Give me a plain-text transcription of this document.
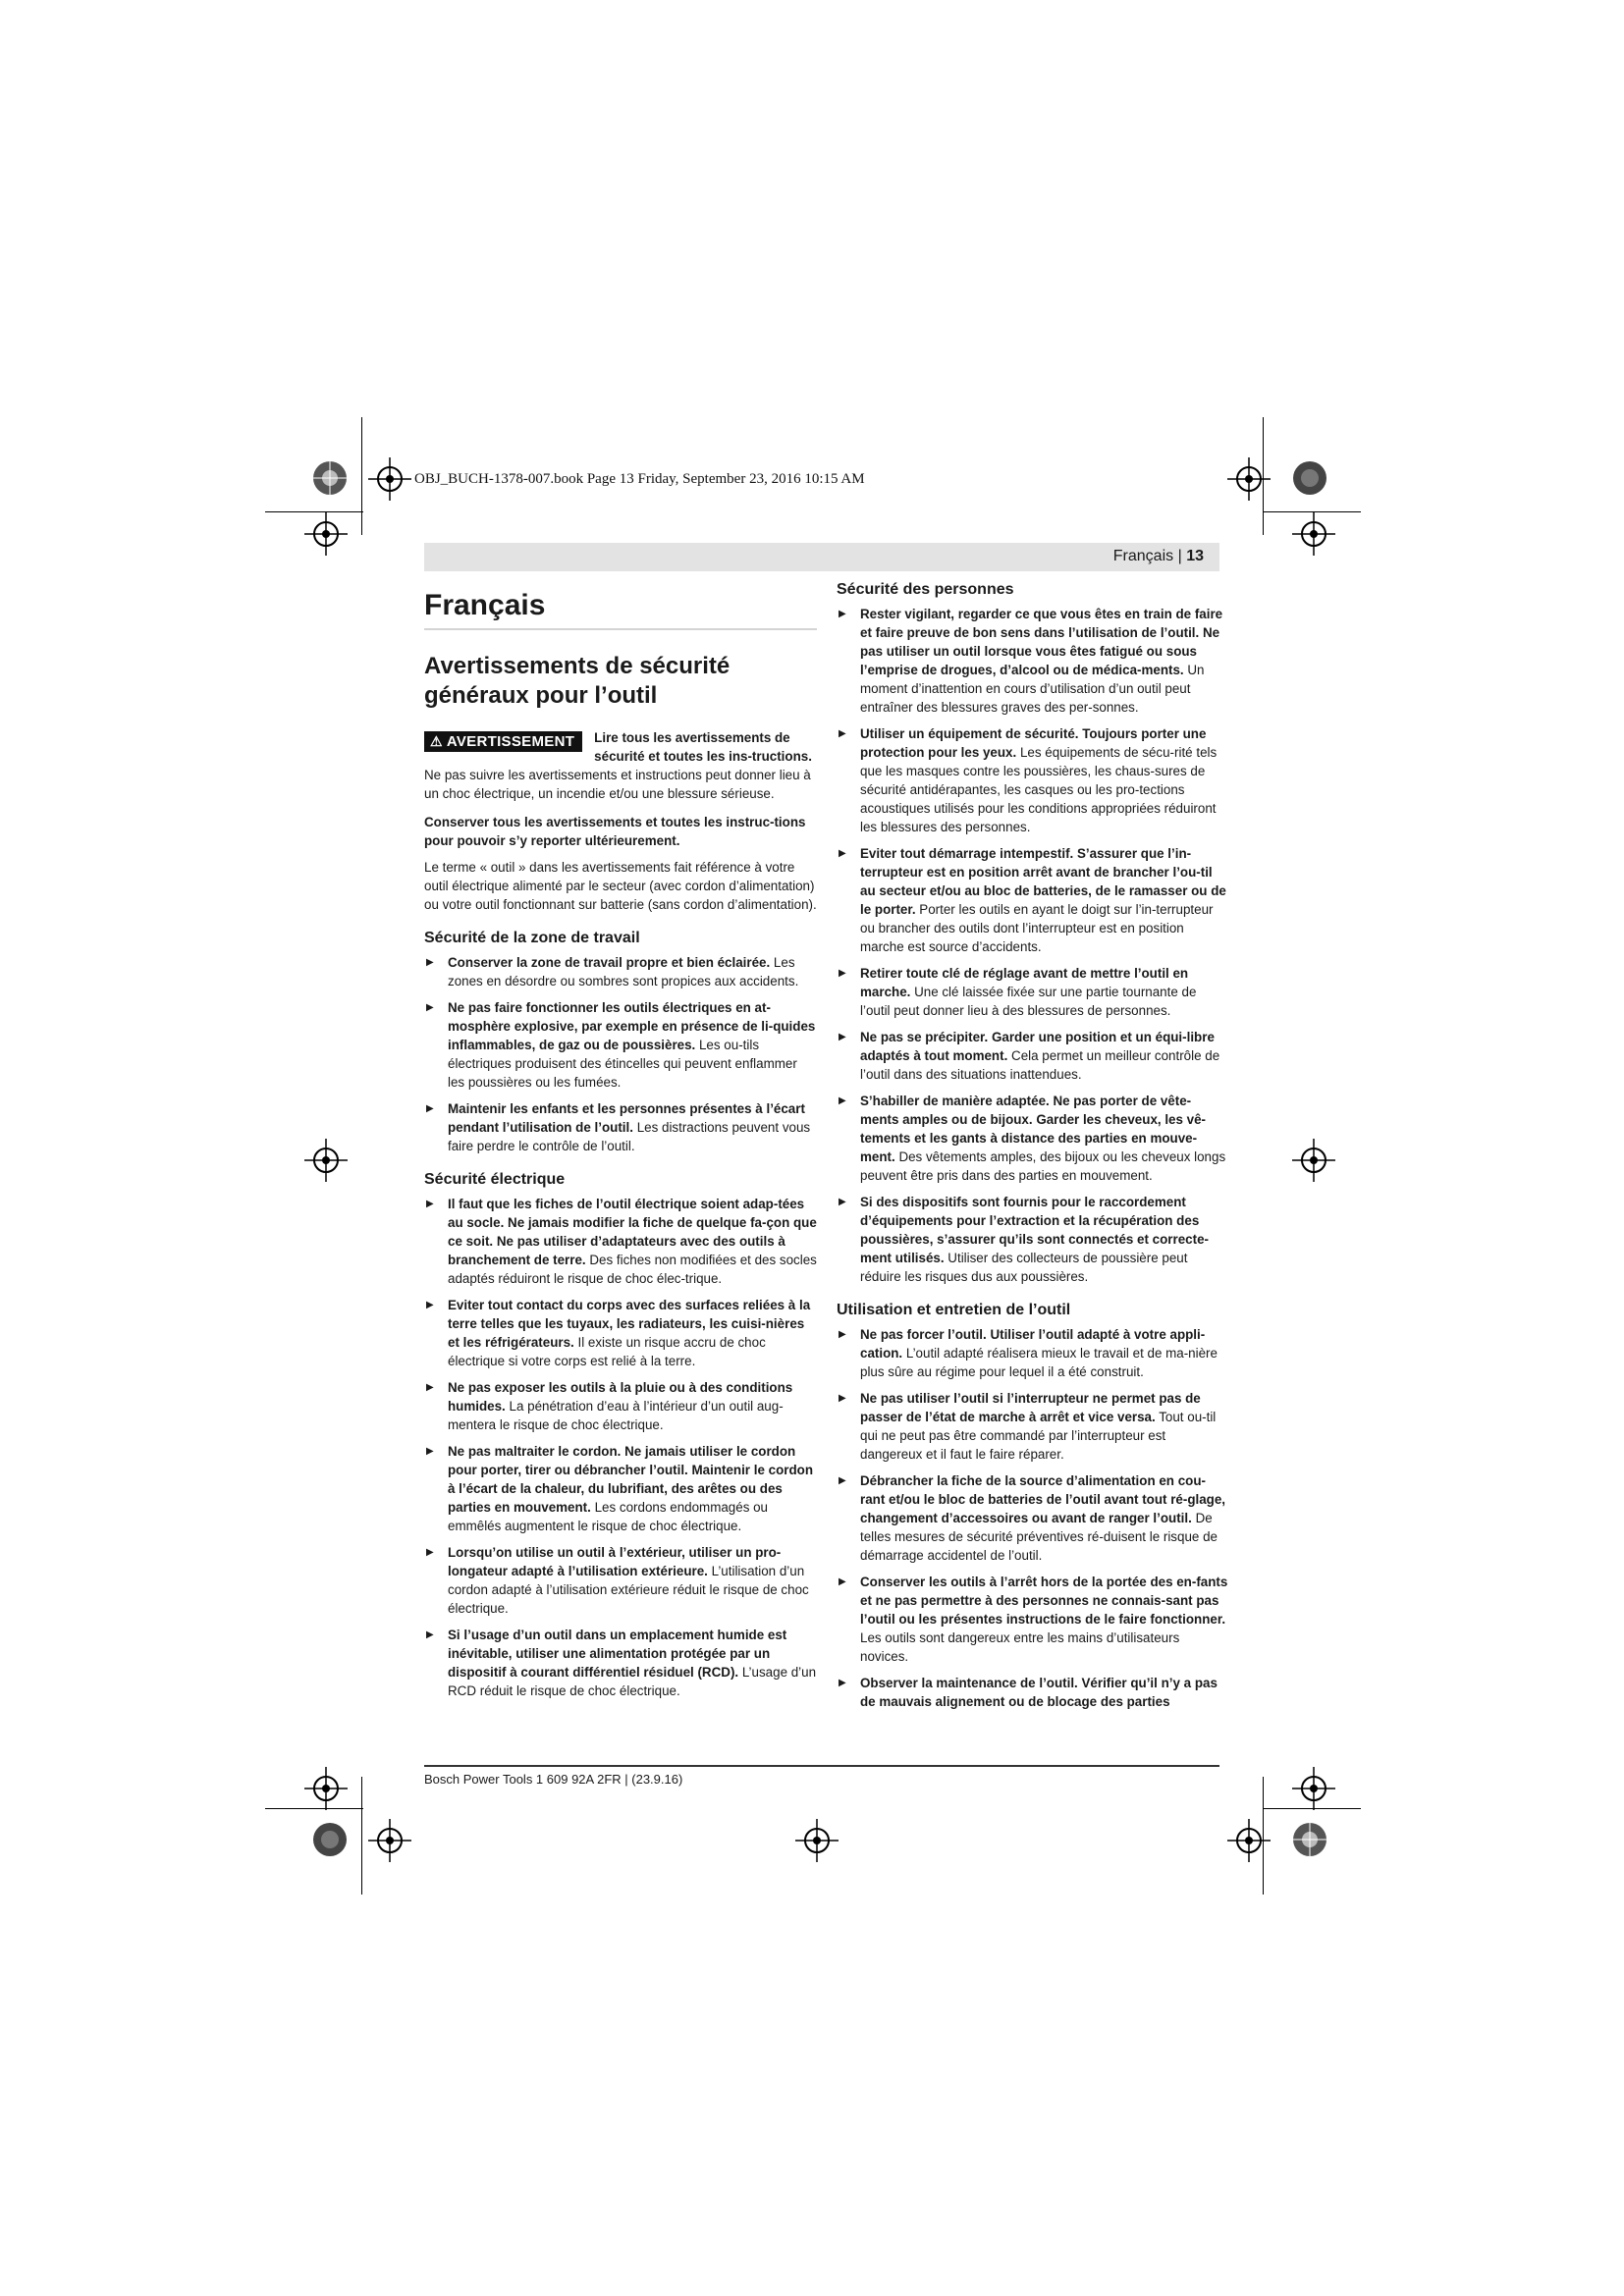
OBJ_BUCH-1378-007.book Page 13 Friday, September 23, 2016 10:15 AM
Français | 13
Français
Avertissements de sécurité généraux pour l’outil
⚠ AVERTISSEMENT	Lire tous les avertissements de sécurité et toutes les ins-tructions. Ne pas suivre les avertissements et instructions peut donner lieu à un choc électrique, un incendie et/ou une blessure sérieuse.

Conserver tous les avertissements et toutes les instruc-tions pour pouvoir s’y reporter ultérieurement.

Le terme « outil » dans les avertissements fait référence à votre outil électrique alimenté par le secteur (avec cordon d’alimentation) ou votre outil fonctionnant sur batterie (sans cordon d’alimentation).

Sécurité de la zone de travail
▶ Conserver la zone de travail propre et bien éclairée. Les zones en désordre ou sombres sont propices aux accidents.
▶ Ne pas faire fonctionner les outils électriques en at-mosphère explosive, par exemple en présence de li-quides inflammables, de gaz ou de poussières. Les ou-tils électriques produisent des étincelles qui peuvent enflammer les poussières ou les fumées.
▶ Maintenir les enfants et les personnes présentes à l’écart pendant l’utilisation de l’outil. Les distractions peuvent vous faire perdre le contrôle de l’outil.
Sécurité électrique
▶ Il faut que les fiches de l’outil électrique soient adap-tées au socle. Ne jamais modifier la fiche de quelque fa-çon que ce soit. Ne pas utiliser d’adaptateurs avec des outils à branchement de terre. Des fiches non modifiées et des socles adaptés réduiront le risque de choc élec-trique.
▶ Eviter tout contact du corps avec des surfaces reliées à la terre telles que les tuyaux, les radiateurs, les cuisi-nières et les réfrigérateurs. Il existe un risque accru de choc électrique si votre corps est relié à la terre.
▶ Ne pas exposer les outils à la pluie ou à des conditions humides. La pénétration d’eau à l’intérieur d’un outil aug-mentera le risque de choc électrique.
▶ Ne pas maltraiter le cordon. Ne jamais utiliser le cordon pour porter, tirer ou débrancher l’outil. Maintenir le cordon à l’écart de la chaleur, du lubrifiant, des arêtes ou des parties en mouvement. Les cordons endommagés ou emmêlés augmentent le risque de choc électrique.
▶ Lorsqu’on utilise un outil à l’extérieur, utiliser un pro-longateur adapté à l’utilisation extérieure. L’utilisation d’un cordon adapté à l’utilisation extérieure réduit le risque de choc électrique.
▶ Si l’usage d’un outil dans un emplacement humide est inévitable, utiliser une alimentation protégée par un dispositif à courant différentiel résiduel (RCD). L’usage d’un RCD réduit le risque de choc électrique.
Sécurité des personnes
▶ Rester vigilant, regarder ce que vous êtes en train de faire et faire preuve de bon sens dans l’utilisation de l’outil. Ne pas utiliser un outil lorsque vous êtes fatigué ou sous l’emprise de drogues, d’alcool ou de médica-ments. Un moment d’inattention en cours d’utilisation d’un outil peut entraîner des blessures graves des per-sonnes.
▶ Utiliser un équipement de sécurité. Toujours porter une protection pour les yeux. Les équipements de sécu-rité tels que les masques contre les poussières, les chaus-sures de sécurité antidérapantes, les casques ou les pro-tections acoustiques utilisés pour les conditions appropriées réduiront les blessures des personnes.
▶ Eviter tout démarrage intempestif. S’assurer que l’in-terrupteur est en position arrêt avant de brancher l’ou-til au secteur et/ou au bloc de batteries, de le ramasser ou de le porter. Porter les outils en ayant le doigt sur l’in-terrupteur ou brancher des outils dont l’interrupteur est en position marche est source d’accidents.
▶ Retirer toute clé de réglage avant de mettre l’outil en marche. Une clé laissée fixée sur une partie tournante de l’outil peut donner lieu à des blessures de personnes.
▶ Ne pas se précipiter. Garder une position et un équi-libre adaptés à tout moment. Cela permet un meilleur contrôle de l’outil dans des situations inattendues.
▶ S’habiller de manière adaptée. Ne pas porter de vête-ments amples ou de bijoux. Garder les cheveux, les vê-tements et les gants à distance des parties en mouve-ment. Des vêtements amples, des bijoux ou les cheveux longs peuvent être pris dans des parties en mouvement.
▶ Si des dispositifs sont fournis pour le raccordement d’équipements pour l’extraction et la récupération des poussières, s’assurer qu’ils sont connectés et correcte-ment utilisés. Utiliser des collecteurs de poussière peut réduire les risques dus aux poussières.
Utilisation et entretien de l’outil
▶ Ne pas forcer l’outil. Utiliser l’outil adapté à votre appli-cation. L’outil adapté réalisera mieux le travail et de ma-nière plus sûre au régime pour lequel il a été construit.
▶ Ne pas utiliser l’outil si l’interrupteur ne permet pas de passer de l’état de marche à arrêt et vice versa. Tout ou-til qui ne peut pas être commandé par l’interrupteur est dangereux et il faut le faire réparer.
▶ Débrancher la fiche de la source d’alimentation en cou-rant et/ou le bloc de batteries de l’outil avant tout ré-glage, changement d’accessoires ou avant de ranger l’outil. De telles mesures de sécurité préventives ré-duisent le risque de démarrage accidentel de l’outil.
▶ Conserver les outils à l’arrêt hors de la portée des en-fants et ne pas permettre à des personnes ne connais-sant pas l’outil ou les présentes instructions de le faire fonctionner. Les outils sont dangereux entre les mains d’utilisateurs novices.
▶ Observer la maintenance de l’outil. Vérifier qu’il n’y a pas de mauvais alignement ou de blocage des parties
Bosch Power Tools 1 609 92A 2FR | (23.9.16)
